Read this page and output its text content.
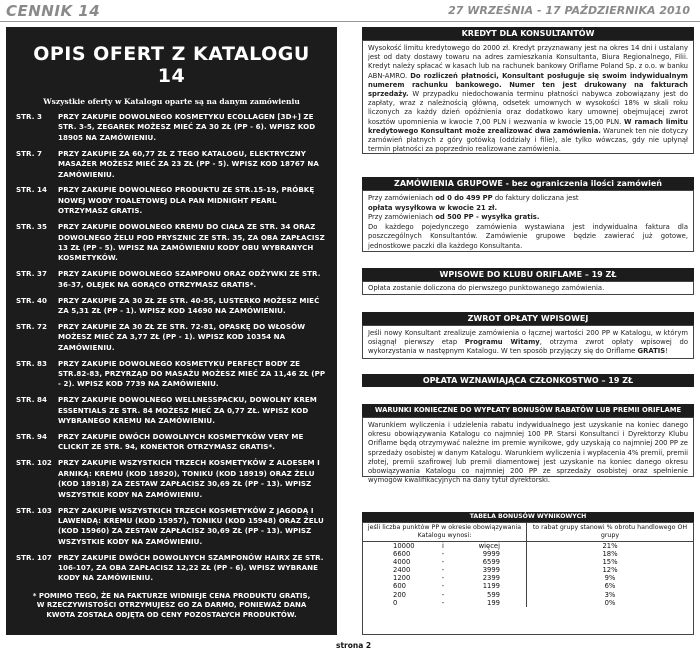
CENNIK 14	27 WRZEŚNIA - 17 PAŹDZIERNIKA 2010
OPIS OFERT Z KATALOGU 14
Wszystkie oferty w Katalogu oparte są na danym zamówieniu
STR. 3	PRZY ZAKUPIE DOWOLNEGO KOSMETYKU ECOLLAGEN [3D+] ZE STR. 3-5, ZEGAREK MOŻESZ MIEĆ ZA 30 ZŁ (PP - 6). WPISZ KOD 18905 NA ZAMÓWIENIU.
STR. 7	PRZY ZAKUPIE ZA 60,77 ZŁ Z TEGO KATALOGU, ELEKTRYCZNY MASAŻER MOŻESZ MIEĆ ZA 23 ZŁ (PP - 5). WPISZ KOD 18767 NA ZAMÓWIENIU.
STR. 14	PRZY ZAKUPIE DOWOLNEGO PRODUKTU ZE STR.15-19, PRÓBKĘ NOWEJ WODY TOALETOWEJ DLA PAN MIDNIGHT PEARL OTRZYMASZ GRATIS.
STR. 35	PRZY ZAKUPIE DOWOLNEGO KREMU DO CIAŁA ZE STR. 34 ORAZ DOWOLNEGO ŻELU POD PRYSZNIC ZE STR. 35, ZA OBA ZAPŁACISZ 13 ZŁ (PP - 5). WPISZ NA ZAMÓWIENIU KODY OBU WYBRANYCH KOSMETYKÓW.
STR. 37	PRZY ZAKUPIE DOWOLNEGO SZAMPONU ORAZ ODŻYWKI ZE STR. 36-37, OLEJEK NA GORĄCO OTRZYMASZ GRATIS*.
STR. 40	PRZY ZAKUPIE ZA 30 ZŁ ZE STR. 40-55, LUSTERKO MOŻESZ MIEĆ ZA 5,31 ZŁ (PP - 1). WPISZ KOD 14690 NA ZAMÓWIENIU.
STR. 72	PRZY ZAKUPIE ZA 30 ZŁ ZE STR. 72-81, OPASKĘ DO WŁOSÓW MOŻESZ MIEĆ ZA 3,77 ZŁ (PP - 1). WPISZ KOD 10354 NA ZAMÓWIENIU.
STR. 83	PRZY ZAKUPIE DOWOLNEGO KOSMETYKU PERFECT BODY ZE STR.82-83, PRZYRZĄD DO MASAŻU MOŻESZ MIEĆ ZA 11,46 ZŁ (PP - 2). WPISZ KOD 7739 NA ZAMÓWIENIU.
STR. 84	PRZY ZAKUPIE DOWOLNEGO WELLNESSPACKU, DOWOLNY KREM ESSENTIALS ZE STR. 84 MOŻESZ MIEĆ ZA 0,77 ZŁ. WPISZ KOD WYBRANEGO KREMU NA ZAMÓWIENIU.
STR. 94	PRZY ZAKUPIE DWÓCH DOWOLNYCH KOSMETYKÓW VERY ME CLICKIT ZE STR. 94, KONEKTOR OTRZYMASZ GRATIS*.
STR. 102 PRZY ZAKUPIE WSZYSTKICH TRZECH KOSMETYKÓW Z ALOESEM I ARNIKĄ: KREMU (KOD 18920), TONIKU (KOD 18919) ORAZ ŻELU (KOD 18918) ZA ZESTAW ZAPŁACISZ 30,69 ZŁ (PP - 13). WPISZ WSZYSTKIE KODY NA ZAMÓWIENIU.
STR. 103 PRZY ZAKUPIE WSZYSTKICH TRZECH KOSMETYKÓW Z JAGODĄ I LAWENDĄ: KREMU (KOD 15957), TONIKU (KOD 15948) ORAZ ŻELU (KOD 15960) ZA ZESTAW ZAPŁACISZ 30,69 ZŁ (PP - 13). WPISZ WSZYSTKIE KODY NA ZAMÓWIENIU.
STR. 107 PRZY ZAKUPIE DWÓCH DOWOLNYCH SZAMPONÓW HAIRX ZE STR. 106-107, ZA OBA ZAPŁACISZ 12,22 ZŁ (PP - 6). WPISZ WYBRANE KODY NA ZAMÓWIENIU.
* POMIMO TEGO, ŻE NA FAKTURZE WIDNIEJE CENA PRODUKTU GRATIS, W RZECZYWISTOŚCI OTRZYMUJESZ GO ZA DARMO, PONIEWAŻ DANA KWOTA ZOSTAŁA ODJĘTA OD CENY POZOSTAŁYCH PRODUKTÓW.
KREDYT DLA KONSULTANTÓW
Wysokość limitu kredytowego do 2000 zł. Kredyt przyznawany jest na okres 14 dni i ustalany jest od daty dostawy towaru na adres zamieszkania Konsultanta, Biura Regionalnego, Filii. Kredyt należy spłacać w kasach lub na rachunek bankowy Oriflame Poland Sp. z o.o. w banku ABN-AMRO. Do rozliczeń płatności, Konsultant posługuje się swoim indywidualnym numerem rachunku bankowego. Numer ten jest drukowany na fakturach sprzedaży. W przypadku niedochowania terminu płatności nabywca zobowiązany jest do zapłaty, wraz z należnością główną, odsetek umownych w wysokości 18% w skali roku liczonych za każdy dzień opóźnienia oraz dodatkowo kary umownej obejmującej zwrot kosztów upomnienia w kwocie 7,00 PLN i wezwania w kwocie 15,00 PLN. W ramach limitu kredytowego Konsultant może zrealizować dwa zamówienia. Warunek ten nie dotyczy zamówień płatnych z góry gotówką (oddziały i filie), ale tylko wówczas, gdy nie upłynął termin płatności za poprzednio realizowane zamówienia.
ZAMÓWIENIA GRUPOWE - bez ograniczenia ilości zamówień
Przy zamówieniach od 0 do 499 PP do faktury doliczana jest
opłata wysyłkowa w kwocie 21 zł.
Przy zamówieniach od 500 PP - wysyłka gratis.
Do każdego pojedynczego zamówienia wystawiana jest indywidualna faktura dla poszczególnych Konsultantów. Zamówienie grupowe będzie zawierać już gotowe, jednostkowe paczki dla każdego Konsultanta.
WPISOWE DO KLUBU ORIFLAME – 19 ZŁ
Opłata zostanie doliczona do pierwszego punktowanego zamówienia.
ZWROT OPŁATY WPISOWEJ
Jeśli nowy Konsultant zrealizuje zamówienia o łącznej wartości 200 PP w Katalogu, w którym osiągnął pierwszy etap Programu Witamy, otrzyma zwrot opłaty wpisowej do wykorzystania w następnym Katalogu. W ten sposób przyjączy się do Oriflame GRATIS!
OPŁATA WZNAWIAJĄCA CZŁONKOSTWO – 19 ZŁ
WARUNKI KONIECZNE DO WYPŁATY BONUSÓW RABATÓW LUB PREMII ORIFLAME
Warunkiem wyliczenia i udzielenia rabatu indywidualnego jest uzyskanie na koniec danego okresu obowiązywania Katalogu co najmniej 100 PP. Starsi Konsultanci i Dyrektorzy Klubu Oriflame będą otrzymywać należne im premie wynikowe, gdy uzyskają co najmniej 200 PP ze sprzedaży osobistej w danym Katalogu. Warunkiem wyliczenia i wypłacenia 4% premii, premii złotej, premii szafirowej lub premii diamentowej jest uzyskanie na koniec danego okresu obowiązywania Katalogu co najmniej 200 PP ze sprzedaży osobistej oraz spełnienie wymogów kwalifikacyjnych na dany tytuł dyrektorski.
TABELA BONUSÓW WYNIKOWYCH
jeśli liczba punktów PP w okresie obowiązywania Katalogu wynosi:
to rabat grupy stanowi % obrotu handlowego OH grupy
10000	i	więcej	21%
6600	-	9999	18%
4000	-	6599	15%
2400	-	3999	12%
1200	-	2399	9%
600	-	1199	6%
200	-	599	3%
0	-	199	0%
strona 2
